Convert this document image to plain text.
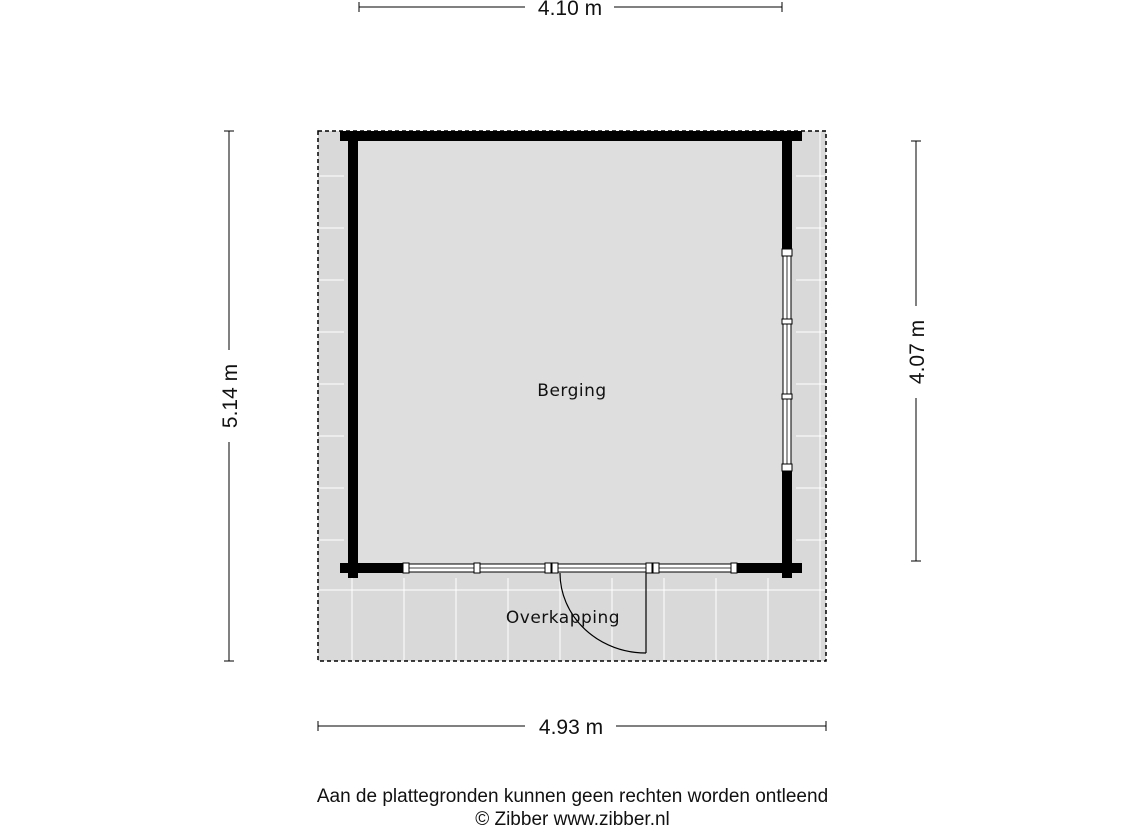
Berging
Overkapping
4.10 m
4.93 m
5.14 m
4.07 m
Aan de plattegronden kunnen geen rechten worden ontleend
© Zibber www.zibber.nl
